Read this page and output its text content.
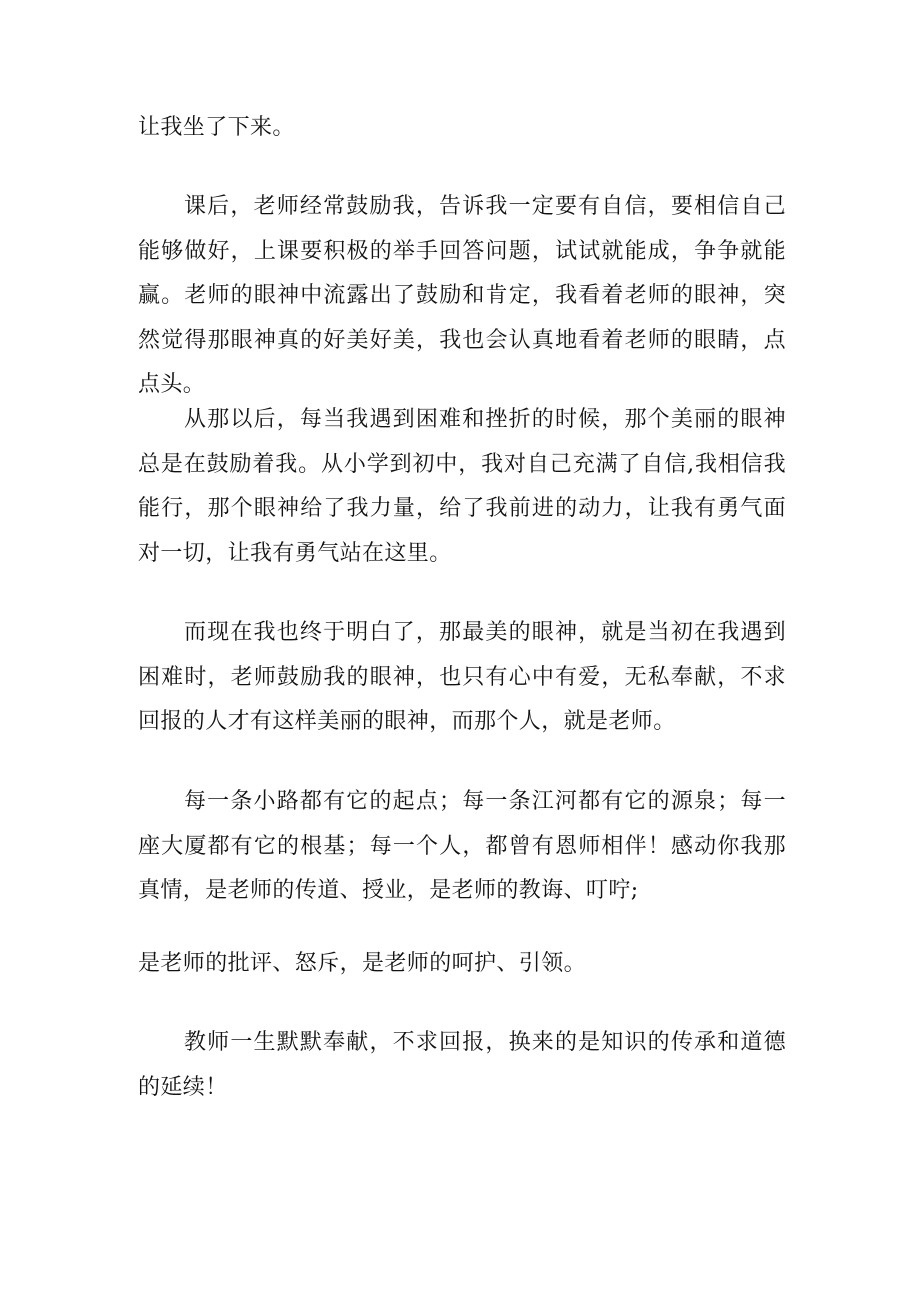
让我坐了下来。

课后，老师经常鼓励我，告诉我一定要有自信，要相信自己能够做好，上课要积极的举手回答问题，试试就能成，争争就能赢。老师的眼神中流露出了鼓励和肯定，我看着老师的眼神，突然觉得那眼神真的好美好美，我也会认真地看着老师的眼睛，点点头。

从那以后，每当我遇到困难和挫折的时候，那个美丽的眼神总是在鼓励着我。从小学到初中，我对自己充满了自信,我相信我能行，那个眼神给了我力量，给了我前进的动力，让我有勇气面对一切，让我有勇气站在这里。

而现在我也终于明白了，那最美的眼神，就是当初在我遇到困难时，老师鼓励我的眼神，也只有心中有爱，无私奉献，不求回报的人才有这样美丽的眼神，而那个人，就是老师。

每一条小路都有它的起点；每一条江河都有它的源泉；每一座大厦都有它的根基；每一个人，都曾有恩师相伴！感动你我那真情，是老师的传道、授业，是老师的教诲、叮咛;

是老师的批评、怒斥，是老师的呵护、引领。

教师一生默默奉献，不求回报，换来的是知识的传承和道德的延续！
